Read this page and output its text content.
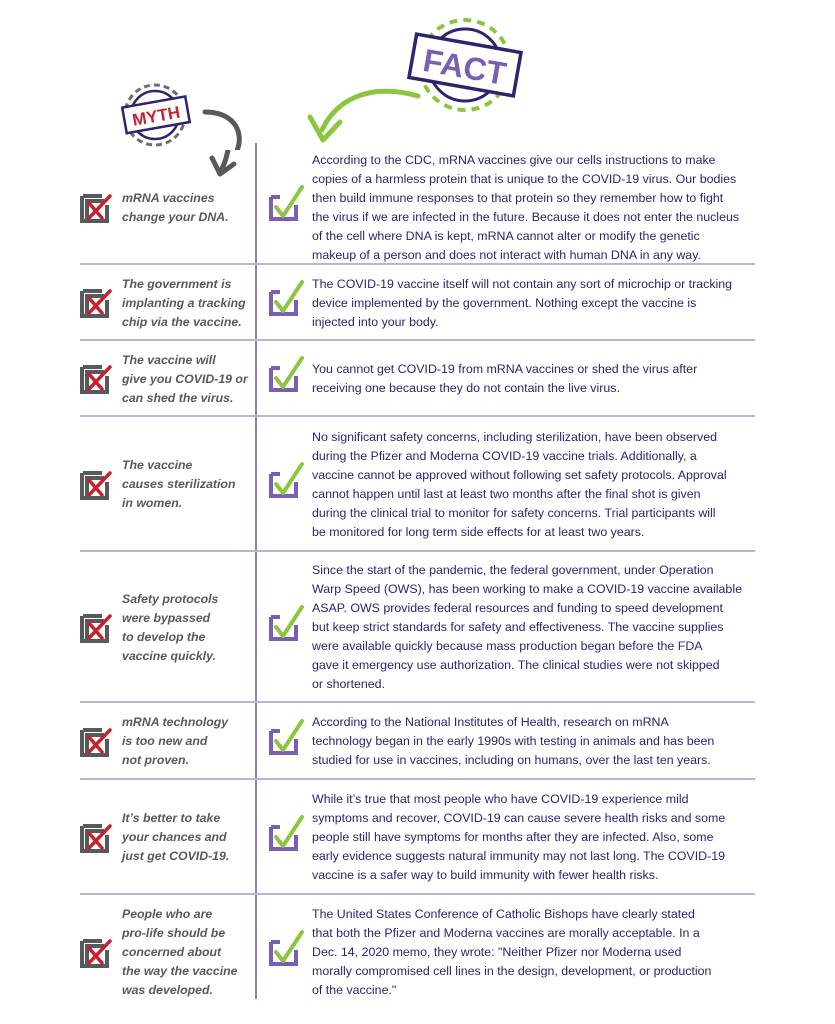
MYTH
FACT
mRNA vaccines
change your DNA.
According to the CDC, mRNA vaccines give our cells instructions to make
copies of a harmless protein that is unique to the COVID-19 virus. Our bodies
then build immune responses to that protein so they remember how to fight
the virus if we are infected in the future. Because it does not enter the nucleus
of the cell where DNA is kept, mRNA cannot alter or modify the genetic
makeup of a person and does not interact with human DNA in any way.
The government is
implanting a tracking
chip via the vaccine.
The COVID-19 vaccine itself will not contain any sort of microchip or tracking
device implemented by the government. Nothing except the vaccine is
injected into your body.
The vaccine will
give you COVID-19 or
can shed the virus.
You cannot get COVID-19 from mRNA vaccines or shed the virus after
receiving one because they do not contain the live virus.
The vaccine
causes sterilization
in women.
No significant safety concerns, including sterilization, have been observed
during the Pfizer and Moderna COVID-19 vaccine trials. Additionally, a
vaccine cannot be approved without following set safety protocols. Approval
cannot happen until last at least two months after the final shot is given
during the clinical trial to monitor for safety concerns. Trial participants will
be monitored for long term side effects for at least two years.
Safety protocols
were bypassed
to develop the
vaccine quickly.
Since the start of the pandemic, the federal government, under Operation
Warp Speed (OWS), has been working to make a COVID-19 vaccine available
ASAP. OWS provides federal resources and funding to speed development
but keep strict standards for safety and effectiveness. The vaccine supplies
were available quickly because mass production began before the FDA
gave it emergency use authorization. The clinical studies were not skipped
or shortened.
mRNA technology
is too new and
not proven.
According to the National Institutes of Health, research on mRNA
technology began in the early 1990s with testing in animals and has been
studied for use in vaccines, including on humans, over the last ten years.
It’s better to take
your chances and
just get COVID-19.
While it’s true that most people who have COVID-19 experience mild
symptoms and recover, COVID-19 can cause severe health risks and some
people still have symptoms for months after they are infected. Also, some
early evidence suggests natural immunity may not last long. The COVID-19
vaccine is a safer way to build immunity with fewer health risks.
People who are
pro-life should be
concerned about
the way the vaccine
was developed.
The United States Conference of Catholic Bishops have clearly stated
that both the Pfizer and Moderna vaccines are morally acceptable. In a
Dec. 14, 2020 memo, they wrote: "Neither Pfizer nor Moderna used
morally compromised cell lines in the design, development, or production
of the vaccine."
